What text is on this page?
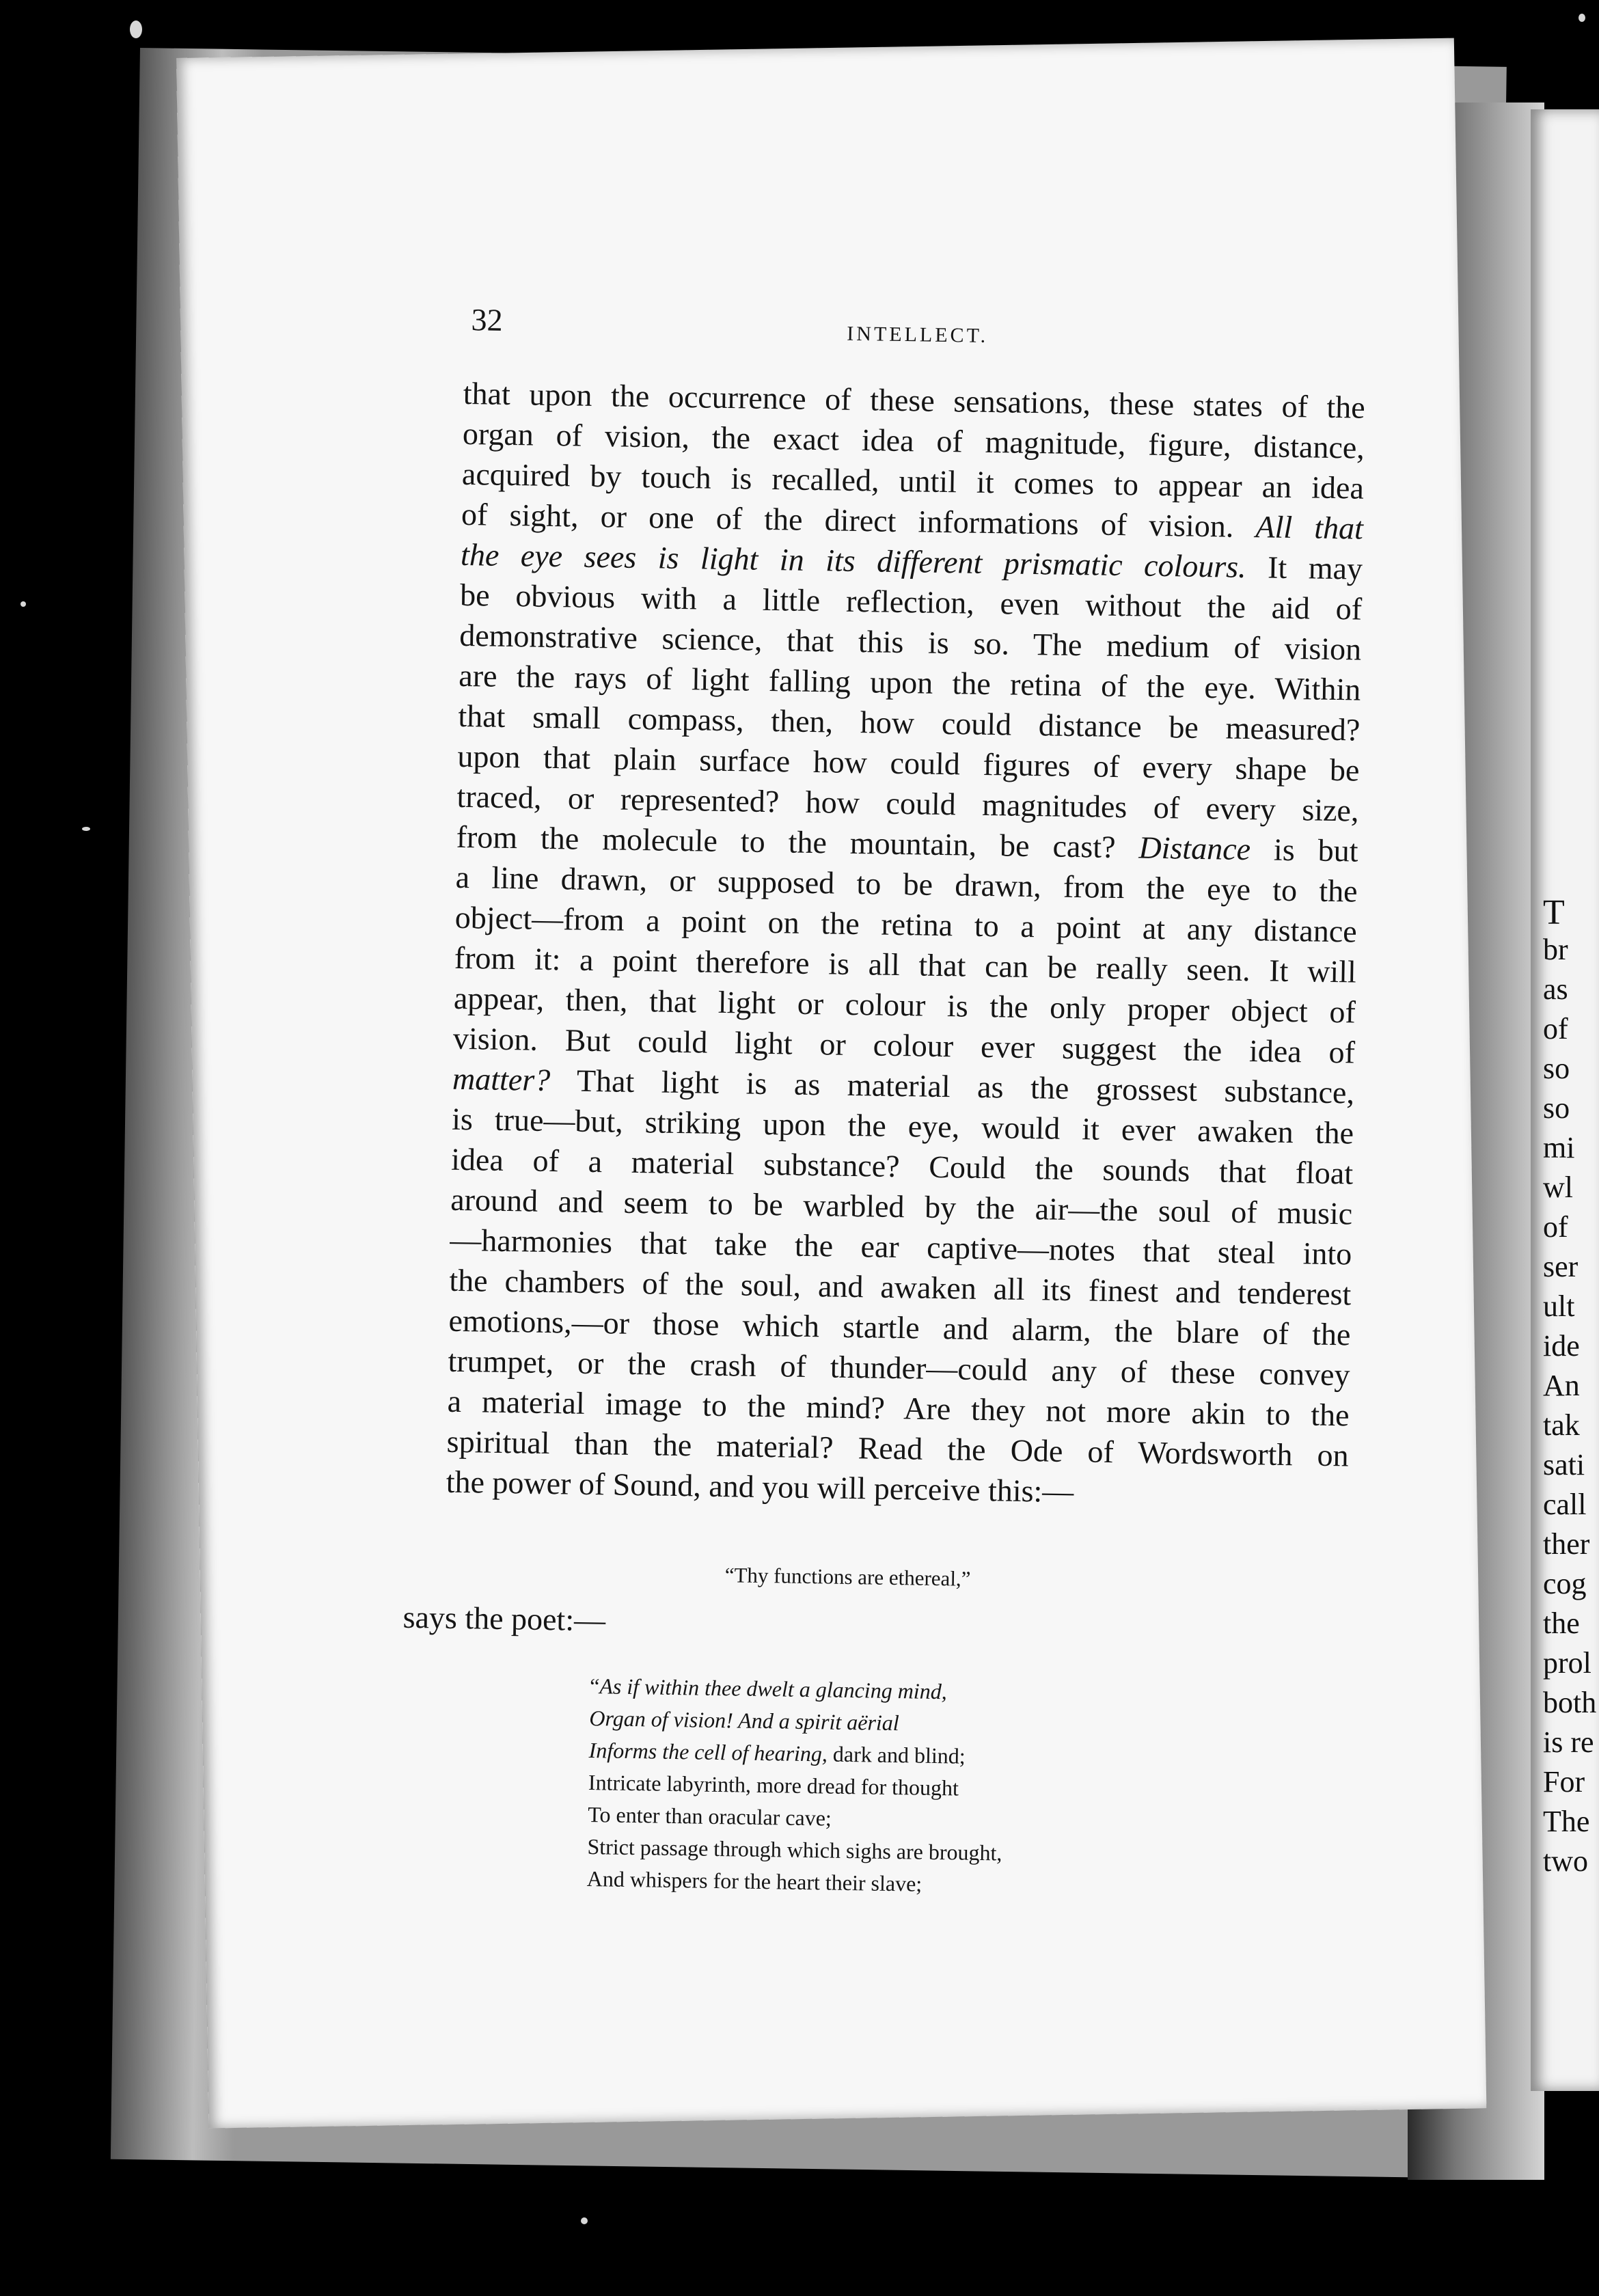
T
br
as
of
so
so
mi
wl
of
ser
ult
ide
An
tak
sati
call
ther
cog
the
prol
both
is re
For
The
two
32	INTELLECT.
that upon the occurrence of these sensations, these states of the
organ of vision, the exact idea of magnitude, figure, distance,
acquired by touch is recalled, until it comes to appear an idea
of sight, or one of the direct informations of vision. All that
the eye sees is light in its different prismatic colours. It may
be obvious with a little reflection, even without the aid of
demonstrative science, that this is so. The medium of vision
are the rays of light falling upon the retina of the eye. Within
that small compass, then, how could distance be measured?
upon that plain surface how could figures of every shape be
traced, or represented? how could magnitudes of every size,
from the molecule to the mountain, be cast? Distance is but
a line drawn, or supposed to be drawn, from the eye to the
object—from a point on the retina to a point at any distance
from it: a point therefore is all that can be really seen. It will
appear, then, that light or colour is the only proper object of
vision. But could light or colour ever suggest the idea of
matter? That light is as material as the grossest substance,
is true—but, striking upon the eye, would it ever awaken the
idea of a material substance? Could the sounds that float
around and seem to be warbled by the air—the soul of music
—harmonies that take the ear captive—notes that steal into
the chambers of the soul, and awaken all its finest and tenderest
emotions,—or those which startle and alarm, the blare of the
trumpet, or the crash of thunder—could any of these convey
a material image to the mind? Are they not more akin to the
spiritual than the material? Read the Ode of Wordsworth on
the power of Sound, and you will perceive this:—
“Thy functions are ethereal,”
says the poet:—
“As if within thee dwelt a glancing mind,
Organ of vision! And a spirit aërial
Informs the cell of hearing, dark and blind;
Intricate labyrinth, more dread for thought
To enter than oracular cave;
Strict passage through which sighs are brought,
And whispers for the heart their slave;
